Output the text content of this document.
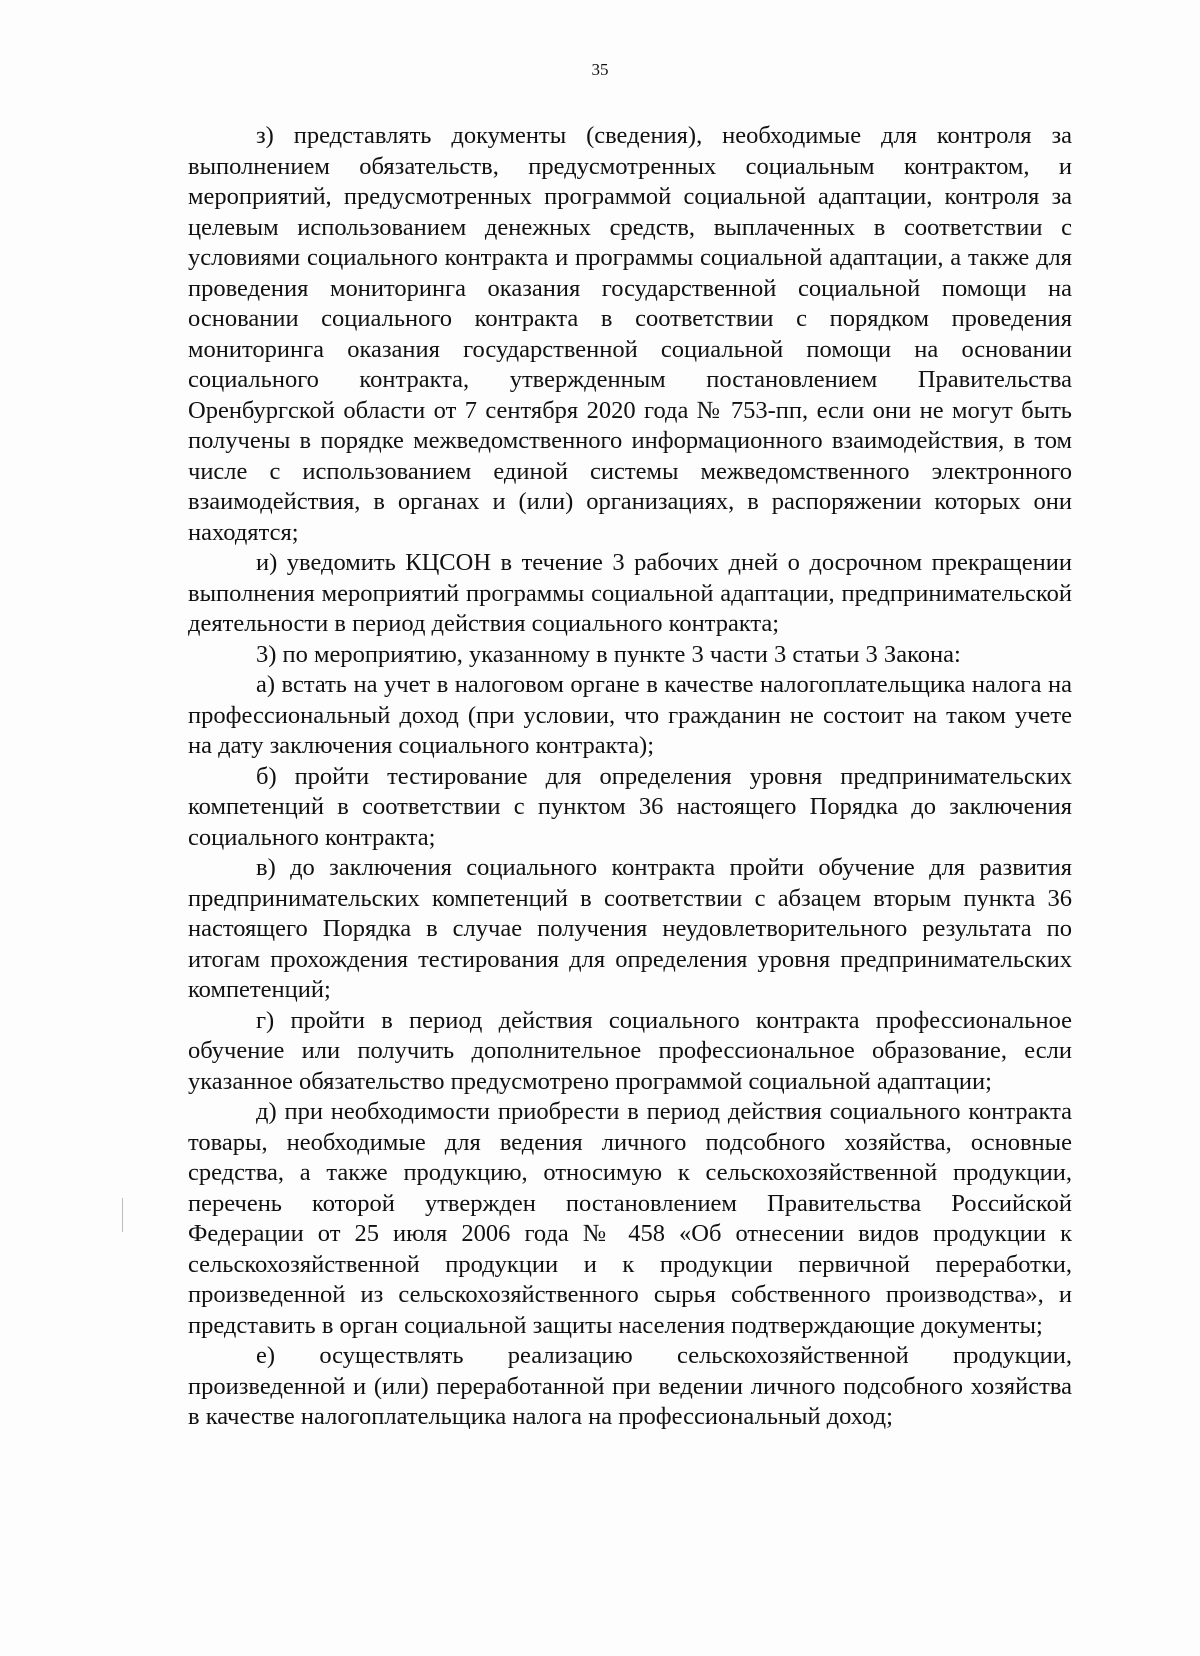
35

з) представлять документы (сведения), необходимые для контроля за выполнением обязательств, предусмотренных социальным контрактом, и мероприятий, предусмотренных программой социальной адаптации, контроля за целевым использованием денежных средств, выплаченных в соответствии с условиями социального контракта и программы социальной адаптации, а также для проведения мониторинга оказания государственной социальной помощи на основании социального контракта в соответствии с порядком проведения мониторинга оказания государственной социальной помощи на основании социального контракта, утвержденным постановлением Правительства Оренбургской области от 7 сентября 2020 года № 753-пп, если они не могут быть получены в порядке межведомственного информационного взаимодействия, в том числе с использованием единой системы межведомственного электронного взаимодействия, в органах и (или) организациях, в распоряжении которых они находятся;

и) уведомить КЦСОН в течение 3 рабочих дней о досрочном прекращении выполнения мероприятий программы социальной адаптации, предпринимательской деятельности в период действия социального контракта;

3) по мероприятию, указанному в пункте 3 части 3 статьи 3 Закона:

а) встать на учет в налоговом органе в качестве налогоплательщика налога на профессиональный доход (при условии, что гражданин не состоит на таком учете на дату заключения социального контракта);

б) пройти тестирование для определения уровня предпринимательских компетенций в соответствии с пунктом 36 настоящего Порядка до заключения социального контракта;

в) до заключения социального контракта пройти обучение для развития предпринимательских компетенций в соответствии с абзацем вторым пункта 36 настоящего Порядка в случае получения неудовлетворительного результата по итогам прохождения тестирования для определения уровня предпринимательских компетенций;

г) пройти в период действия социального контракта профессиональное обучение или получить дополнительное профессиональное образование, если указанное обязательство предусмотрено программой социальной адаптации;

д) при необходимости приобрести в период действия социального контракта товары, необходимые для ведения личного подсобного хозяйства, основные средства, а также продукцию, относимую к сельскохозяйственной продукции, перечень которой утвержден постановлением Правительства Российской Федерации от 25 июля 2006 года № 458 «Об отнесении видов продукции к сельскохозяйственной продукции и к продукции первичной переработки, произведенной из сельскохозяйственного сырья собственного производства», и представить в орган социальной защиты населения подтверждающие документы;

е) осуществлять реализацию сельскохозяйственной продукции, произведенной и (или) переработанной при ведении личного подсобного хозяйства в качестве налогоплательщика налога на профессиональный доход;
